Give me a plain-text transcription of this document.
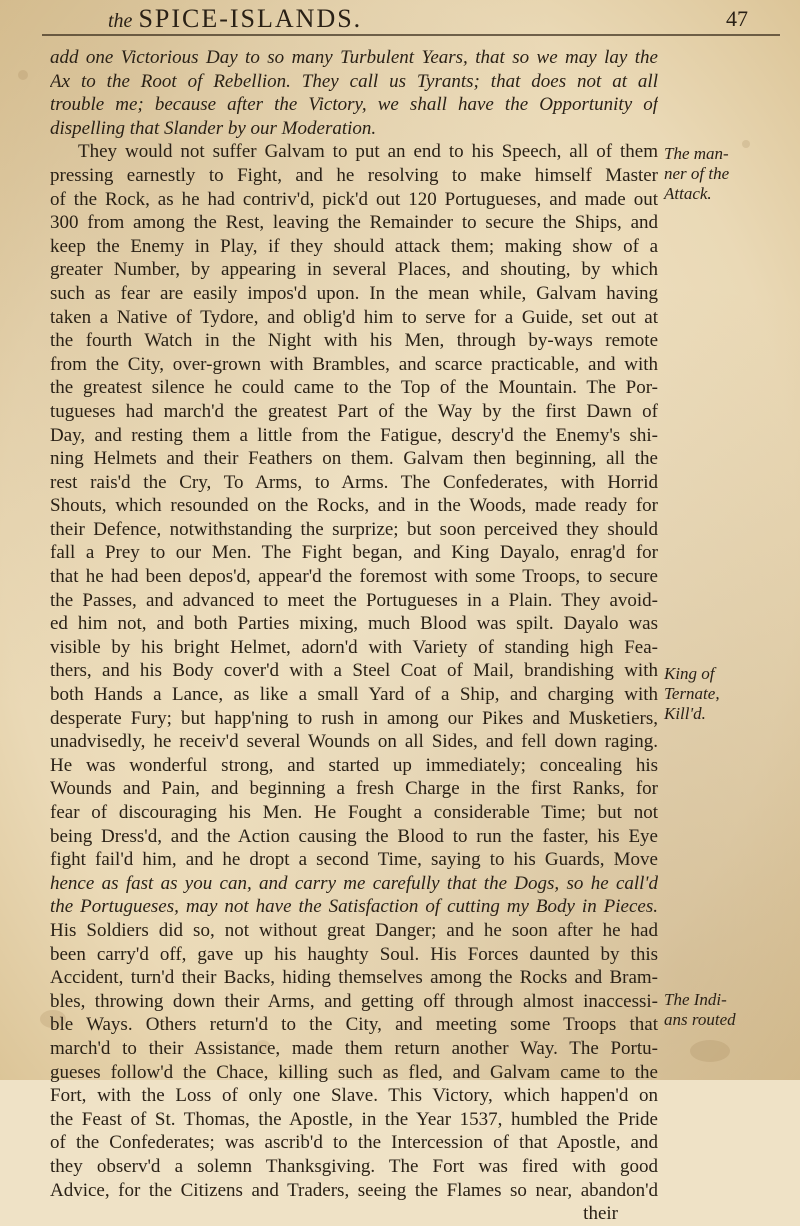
the SPICE-ISLANDS.	47
add one Victorious Day to so many Turbulent Years, that so we may lay the
Ax to the Root of Rebellion. They call us Tyrants; that does not at all
trouble me; because after the Victory, we shall have the Opportunity of
dispelling that Slander by our Moderation.
They would not suffer Galvam to put an end to his Speech, all of them
pressing earnestly to Fight, and he resolving to make himself Master
of the Rock, as he had contriv'd, pick'd out 120 Portugueses, and made out
300 from among the Rest, leaving the Remainder to secure the Ships, and
keep the Enemy in Play, if they should attack them; making show of a
greater Number, by appearing in several Places, and shouting, by which
such as fear are easily impos'd upon. In the mean while, Galvam having
taken a Native of Tydore, and oblig'd him to serve for a Guide, set out at
the fourth Watch in the Night with his Men, through by-ways remote
from the City, over-grown with Brambles, and scarce practicable, and with
the greatest silence he could came to the Top of the Mountain. The Por-
tugueses had march'd the greatest Part of the Way by the first Dawn of
Day, and resting them a little from the Fatigue, descry'd the Enemy's shi-
ning Helmets and their Feathers on them. Galvam then beginning, all the
rest rais'd the Cry, To Arms, to Arms. The Confederates, with Horrid
Shouts, which resounded on the Rocks, and in the Woods, made ready for
their Defence, notwithstanding the surprize; but soon perceived they should
fall a Prey to our Men. The Fight began, and King Dayalo, enrag'd for
that he had been depos'd, appear'd the foremost with some Troops, to secure
the Passes, and advanced to meet the Portugueses in a Plain. They avoid-
ed him not, and both Parties mixing, much Blood was spilt. Dayalo was
visible by his bright Helmet, adorn'd with Variety of standing high Fea-
thers, and his Body cover'd with a Steel Coat of Mail, brandishing with
both Hands a Lance, as like a small Yard of a Ship, and charging with
desperate Fury; but happ'ning to rush in among our Pikes and Musketiers,
unadvisedly, he receiv'd several Wounds on all Sides, and fell down raging.
He was wonderful strong, and started up immediately; concealing his
Wounds and Pain, and beginning a fresh Charge in the first Ranks, for
fear of discouraging his Men. He Fought a considerable Time; but not
being Dress'd, and the Action causing the Blood to run the faster, his Eye
fight fail'd him, and he dropt a second Time, saying to his Guards, Move
hence as fast as you can, and carry me carefully that the Dogs, so he call'd
the Portugueses, may not have the Satisfaction of cutting my Body in Pieces.
His Soldiers did so, not without great Danger; and he soon after he had
been carry'd off, gave up his haughty Soul. His Forces daunted by this
Accident, turn'd their Backs, hiding themselves among the Rocks and Bram-
bles, throwing down their Arms, and getting off through almost inaccessi-
ble Ways. Others return'd to the City, and meeting some Troops that
march'd to their Assistance, made them return another Way. The Portu-
gueses follow'd the Chace, killing such as fled, and Galvam came to the
Fort, with the Loss of only one Slave. This Victory, which happen'd on
the Feast of St. Thomas, the Apostle, in the Year 1537, humbled the Pride
of the Confederates; was ascrib'd to the Intercession of that Apostle, and
they observ'd a solemn Thanksgiving. The Fort was fired with good
Advice, for the Citizens and Traders, seeing the Flames so near, abandon'd
their
The man-
ner of the
Attack.
King of
Ternate,
Kill'd.
The Indi-
ans routed
